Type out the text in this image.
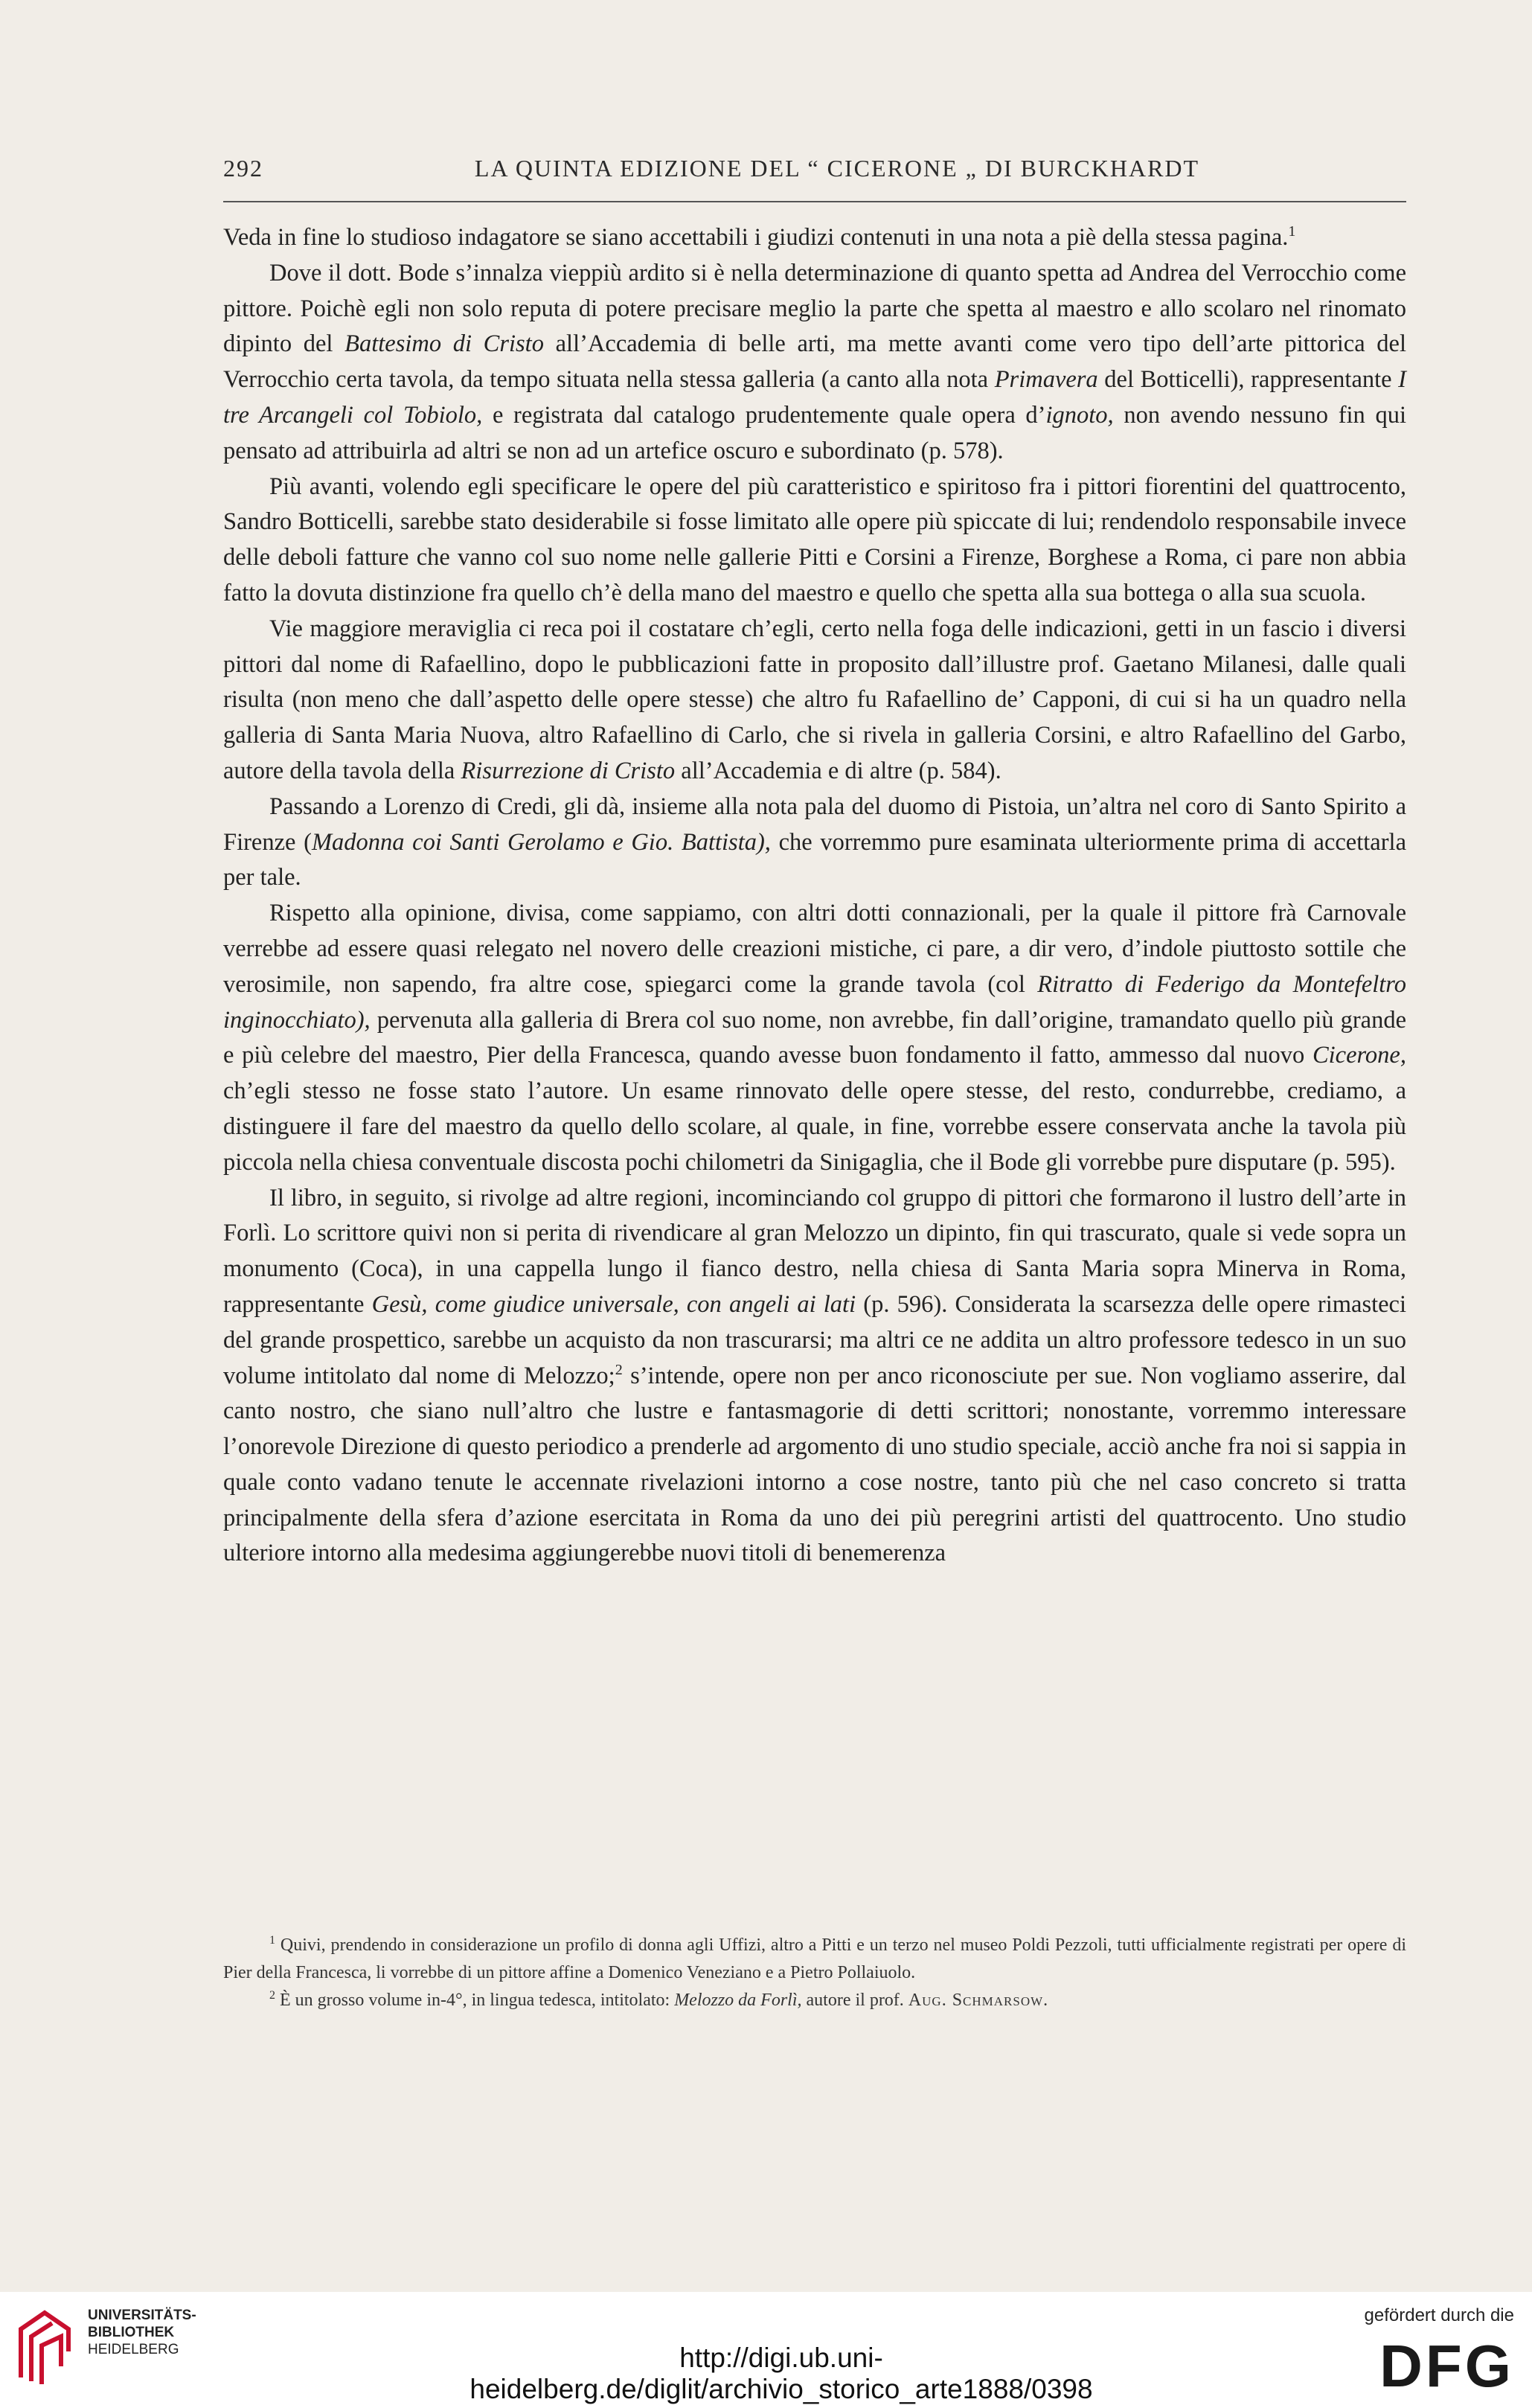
292	LA QUINTA EDIZIONE DEL “ CICERONE „ DI BURCKHARDT

Veda in fine lo studioso indagatore se siano accettabili i giudizi contenuti in una nota a piè della stessa pagina.$^1$

Dove il dott. Bode s’innalza vieppiù ardito si è nella determinazione di quanto spetta ad Andrea del Verrocchio come pittore. Poichè egli non solo reputa di potere precisare meglio la parte che spetta al maestro e allo scolaro nel rinomato dipinto del Battesimo di Cristo all’Accademia di belle arti, ma mette avanti come vero tipo dell’arte pittorica del Verrocchio certa tavola, da tempo situata nella stessa galleria (a canto alla nota Primavera del Botticelli), rappresentante I tre Arcangeli col Tobiolo, e registrata dal catalogo prudentemente quale opera d’ignoto, non avendo nessuno fin qui pensato ad attribuirla ad altri se non ad un artefice oscuro e subordinato (p. 578).

Più avanti, volendo egli specificare le opere del più caratteristico e spiritoso fra i pittori fiorentini del quattrocento, Sandro Botticelli, sarebbe stato desiderabile si fosse limitato alle opere più spiccate di lui; rendendolo responsabile invece delle deboli fatture che vanno col suo nome nelle gallerie Pitti e Corsini a Firenze, Borghese a Roma, ci pare non abbia fatto la dovuta distinzione fra quello ch’è della mano del maestro e quello che spetta alla sua bottega o alla sua scuola.

Vie maggiore meraviglia ci reca poi il costatare ch’egli, certo nella foga delle indicazioni, getti in un fascio i diversi pittori dal nome di Rafaellino, dopo le pubblicazioni fatte in proposito dall’illustre prof. Gaetano Milanesi, dalle quali risulta (non meno che dall’aspetto delle opere stesse) che altro fu Rafaellino de’ Capponi, di cui si ha un quadro nella galleria di Santa Maria Nuova, altro Rafaellino di Carlo, che si rivela in galleria Corsini, e altro Rafaellino del Garbo, autore della tavola della Risurrezione di Cristo all’Accademia e di altre (p. 584).

Passando a Lorenzo di Credi, gli dà, insieme alla nota pala del duomo di Pistoia, un’altra nel coro di Santo Spirito a Firenze (Madonna coi Santi Gerolamo e Gio. Battista), che vorremmo pure esaminata ulteriormente prima di accettarla per tale.

Rispetto alla opinione, divisa, come sappiamo, con altri dotti connazionali, per la quale il pittore frà Carnovale verrebbe ad essere quasi relegato nel novero delle creazioni mistiche, ci pare, a dir vero, d’indole piuttosto sottile che verosimile, non sapendo, fra altre cose, spiegarci come la grande tavola (col Ritratto di Federigo da Montefeltro inginocchiato), pervenuta alla galleria di Brera col suo nome, non avrebbe, fin dall’origine, tramandato quello più grande e più celebre del maestro, Pier della Francesca, quando avesse buon fondamento il fatto, ammesso dal nuovo Cicerone, ch’egli stesso ne fosse stato l’autore. Un esame rinnovato delle opere stesse, del resto, condurrebbe, crediamo, a distinguere il fare del maestro da quello dello scolare, al quale, in fine, vorrebbe essere conservata anche la tavola più piccola nella chiesa conventuale discosta pochi chilometri da Sinigaglia, che il Bode gli vorrebbe pure disputare (p. 595).

Il libro, in seguito, si rivolge ad altre regioni, incominciando col gruppo di pittori che formarono il lustro dell’arte in Forlì. Lo scrittore quivi non si perita di rivendicare al gran Melozzo un dipinto, fin qui trascurato, quale si vede sopra un monumento (Coca), in una cappella lungo il fianco destro, nella chiesa di Santa Maria sopra Minerva in Roma, rappresentante Gesù, come giudice universale, con angeli ai lati (p. 596). Considerata la scarsezza delle opere rimasteci del grande prospettico, sarebbe un acquisto da non trascurarsi; ma altri ce ne addita un altro professore tedesco in un suo volume intitolato dal nome di Melozzo;$^2$ s’intende, opere non per anco riconosciute per sue. Non vogliamo asserire, dal canto nostro, che siano null’altro che lustre e fantasmagorie di detti scrittori; nonostante, vorremmo interessare l’onorevole Direzione di questo periodico a prenderle ad argomento di uno studio speciale, acciò anche fra noi si sappia in quale conto vadano tenute le accennate rivelazioni intorno a cose nostre, tanto più che nel caso concreto si tratta principalmente della sfera d’azione esercitata in Roma da uno dei più peregrini artisti del quattrocento. Uno studio ulteriore intorno alla medesima aggiungerebbe nuovi titoli di benemerenza

$^1$ Quivi, prendendo in considerazione un profilo di donna agli Uffizi, altro a Pitti e un terzo nel museo Poldi Pezzoli, tutti ufficialmente registrati per opere di Pier della Francesca, li vorrebbe di un pittore affine a Domenico Veneziano e a Pietro Pollaiuolo.

$^2$ È un grosso volume in-4°, in lingua tedesca, intitolato: Melozzo da Forlì, autore il prof. Aug. Schmarsow.

UNIVERSITÄTS-
BIBLIOTHEK
HEIDELBERG	http://digi.ub.uni-heidelberg.de/diglit/archivio_storico_arte1888/0398
gefördert durch die
DFG
